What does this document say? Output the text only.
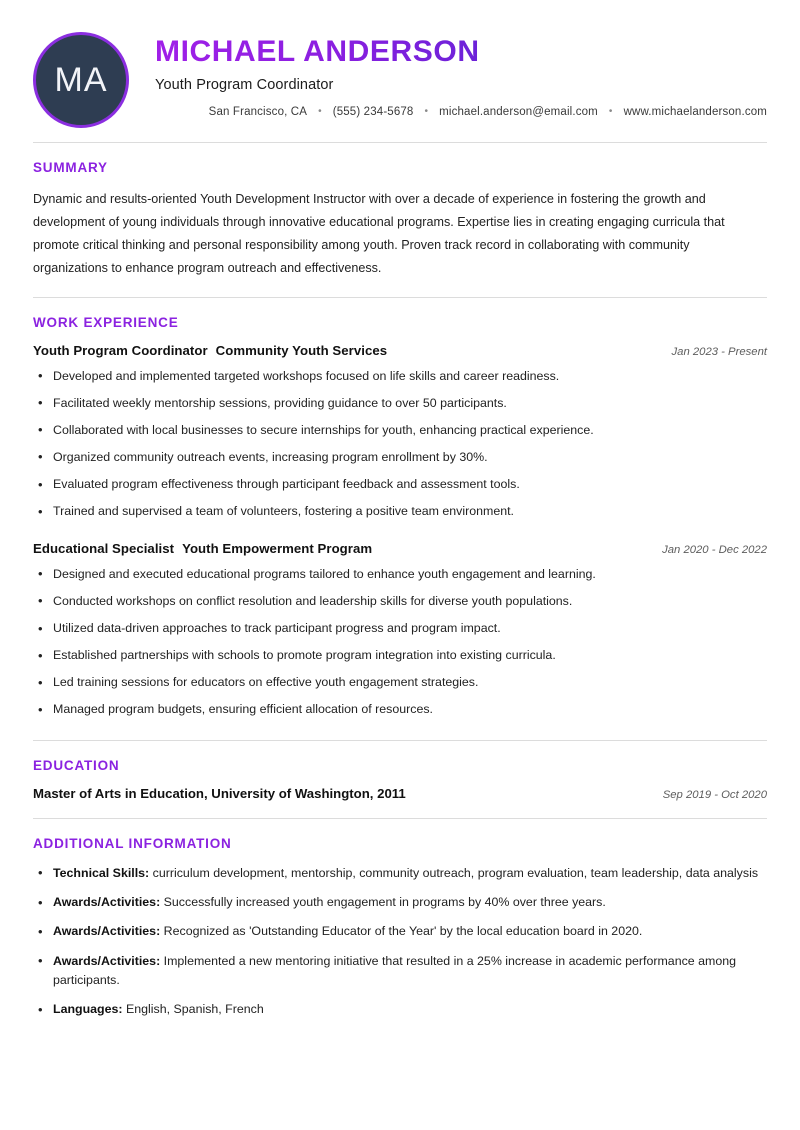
MA
MICHAEL ANDERSON
Youth Program Coordinator
San Francisco, CA • (555) 234-5678 • michael.anderson@email.com • www.michaelanderson.com
SUMMARY

Dynamic and results-oriented Youth Development Instructor with over a decade of experience in fostering the growth and development of young individuals through innovative educational programs. Expertise lies in creating engaging curricula that promote critical thinking and personal responsibility among youth. Proven track record in collaborating with community organizations to enhance program outreach and effectiveness.

WORK EXPERIENCE
Youth Program Coordinator Community Youth Services	Jan 2023 - Present
• Developed and implemented targeted workshops focused on life skills and career readiness.
• Facilitated weekly mentorship sessions, providing guidance to over 50 participants.
• Collaborated with local businesses to secure internships for youth, enhancing practical experience.
• Organized community outreach events, increasing program enrollment by 30%.
• Evaluated program effectiveness through participant feedback and assessment tools.
• Trained and supervised a team of volunteers, fostering a positive team environment.
Educational Specialist Youth Empowerment Program	Jan 2020 - Dec 2022
• Designed and executed educational programs tailored to enhance youth engagement and learning.
• Conducted workshops on conflict resolution and leadership skills for diverse youth populations.
• Utilized data-driven approaches to track participant progress and program impact.
• Established partnerships with schools to promote program integration into existing curricula.
• Led training sessions for educators on effective youth engagement strategies.
• Managed program budgets, ensuring efficient allocation of resources.
EDUCATION
Master of Arts in Education, University of Washington, 2011	Sep 2019 - Oct 2020
ADDITIONAL INFORMATION
• Technical Skills: curriculum development, mentorship, community outreach, program evaluation, team leadership, data analysis
• Awards/Activities: Successfully increased youth engagement in programs by 40% over three years.
• Awards/Activities: Recognized as 'Outstanding Educator of the Year' by the local education board in 2020.
• Awards/Activities: Implemented a new mentoring initiative that resulted in a 25% increase in academic performance among participants.
• Languages: English, Spanish, French
